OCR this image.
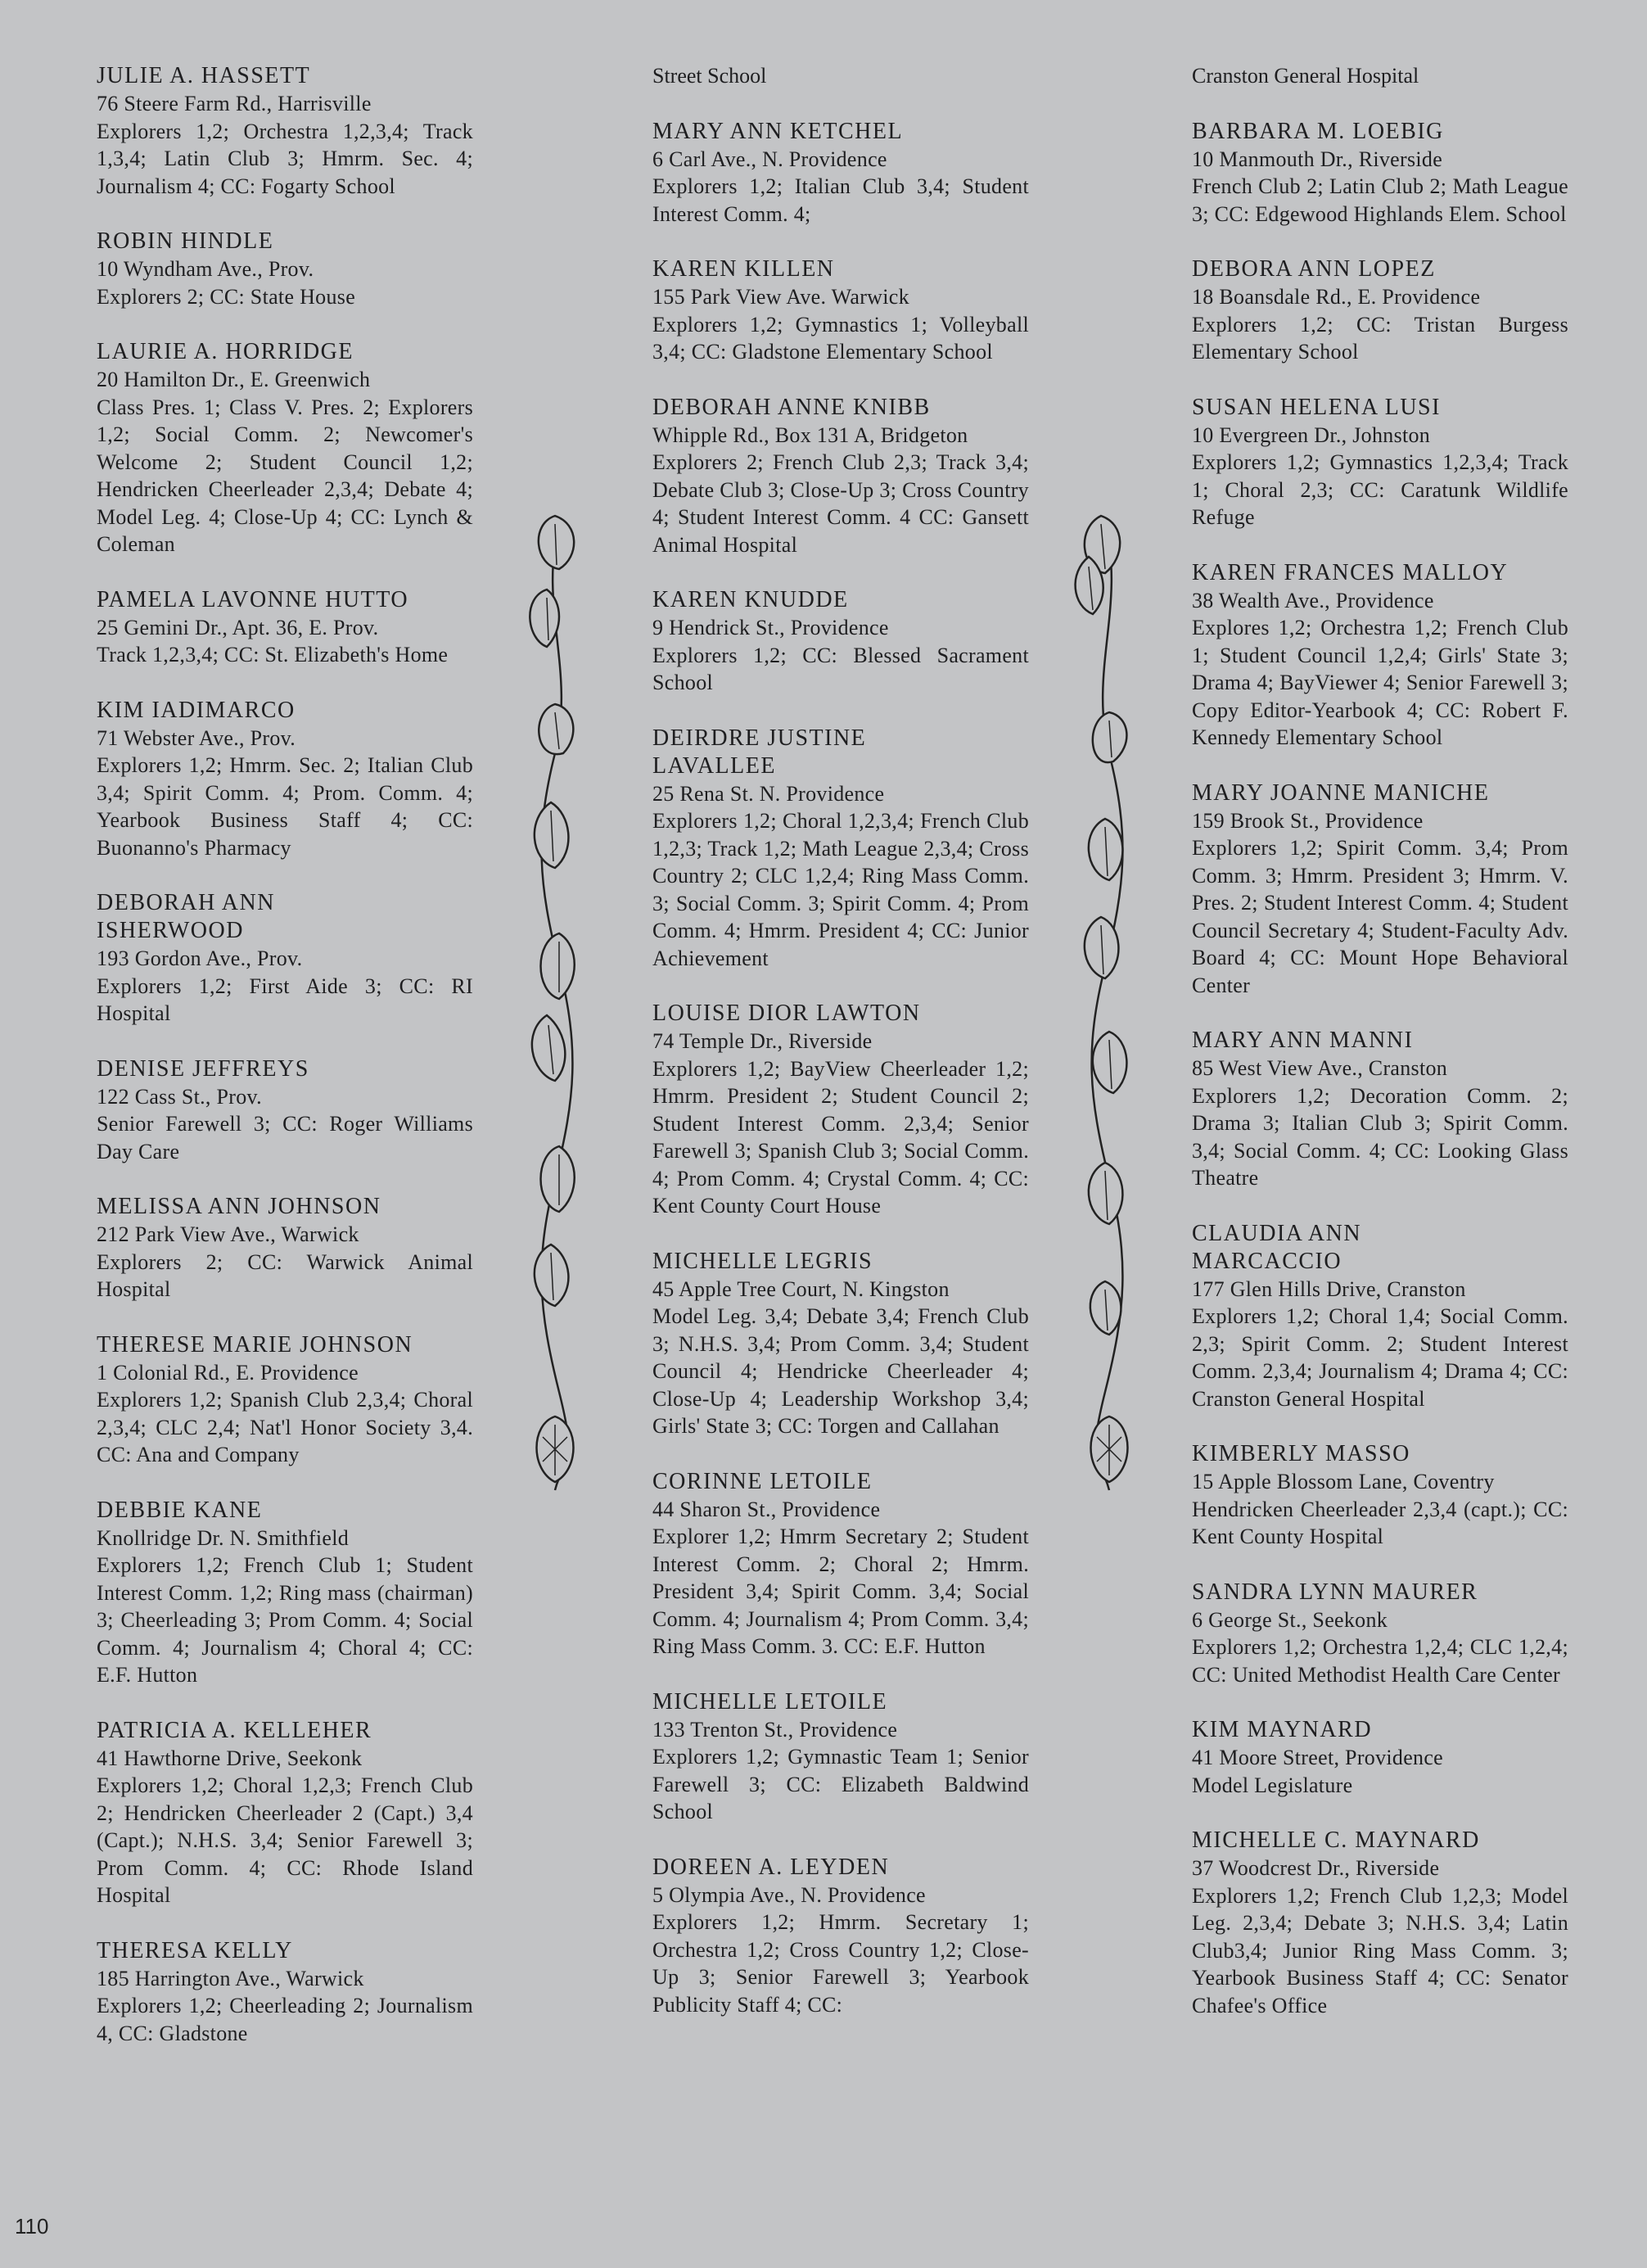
JULIE A. HASSETT
76 Steere Farm Rd., Harrisville
Explorers 1,2; Orchestra 1,2,3,4; Track 1,3,4; Latin Club 3; Hmrm. Sec. 4; Journalism 4; CC: Fogarty School
ROBIN HINDLE
10 Wyndham Ave., Prov.
Explorers 2; CC: State House
LAURIE A. HORRIDGE
20 Hamilton Dr., E. Greenwich
Class Pres. 1; Class V. Pres. 2; Explorers 1,2; Social Comm. 2; Newcomer's Welcome 2; Student Council 1,2; Hendricken Cheerleader 2,3,4; Debate 4; Model Leg. 4; Close-Up 4; CC: Lynch & Coleman
PAMELA LAVONNE HUTTO
25 Gemini Dr., Apt. 36, E. Prov.
Track 1,2,3,4; CC: St. Elizabeth's Home
KIM IADIMARCO
71 Webster Ave., Prov.
Explorers 1,2; Hmrm. Sec. 2; Italian Club 3,4; Spirit Comm. 4; Prom. Comm. 4; Yearbook Business Staff 4; CC: Buonanno's Pharmacy
DEBORAH ANN
ISHERWOOD
193 Gordon Ave., Prov.
Explorers 1,2; First Aide 3; CC: RI Hospital
DENISE JEFFREYS
122 Cass St., Prov.
Senior Farewell 3; CC: Roger Williams Day Care
MELISSA ANN JOHNSON
212 Park View Ave., Warwick
Explorers 2; CC: Warwick Animal Hospital
THERESE MARIE JOHNSON
1 Colonial Rd., E. Providence
Explorers 1,2; Spanish Club 2,3,4; Choral 2,3,4; CLC 2,4; Nat'l Honor Society 3,4. CC: Ana and Company
DEBBIE KANE
Knollridge Dr. N. Smithfield
Explorers 1,2; French Club 1; Student Interest Comm. 1,2; Ring mass (chairman) 3; Cheerleading 3; Prom Comm. 4; Social Comm. 4; Journalism 4; Choral 4; CC: E.F. Hutton
PATRICIA A. KELLEHER
41 Hawthorne Drive, Seekonk
Explorers 1,2; Choral 1,2,3; French Club 2; Hendricken Cheerleader 2 (Capt.) 3,4 (Capt.); N.H.S. 3,4; Senior Farewell 3; Prom Comm. 4; CC: Rhode Island Hospital
THERESA KELLY
185 Harrington Ave., Warwick
Explorers 1,2; Cheerleading 2; Journalism 4, CC: Gladstone
Street School
MARY ANN KETCHEL
6 Carl Ave., N. Providence
Explorers 1,2; Italian Club 3,4; Student Interest Comm. 4;
KAREN KILLEN
155 Park View Ave. Warwick
Explorers 1,2; Gymnastics 1; Volleyball 3,4; CC: Gladstone Elementary School
DEBORAH ANNE KNIBB
Whipple Rd., Box 131 A, Bridgeton
Explorers 2; French Club 2,3; Track 3,4; Debate Club 3; Close-Up 3; Cross Country 4; Student Interest Comm. 4 CC: Gansett Animal Hospital
KAREN KNUDDE
9 Hendrick St., Providence
Explorers 1,2; CC: Blessed Sacrament School
DEIRDRE JUSTINE
LAVALLEE
25 Rena St. N. Providence
Explorers 1,2; Choral 1,2,3,4; French Club 1,2,3; Track 1,2; Math League 2,3,4; Cross Country 2; CLC 1,2,4; Ring Mass Comm. 3; Social Comm. 3; Spirit Comm. 4; Prom Comm. 4; Hmrm. President 4; CC: Junior Achievement
LOUISE DIOR LAWTON
74 Temple Dr., Riverside
Explorers 1,2; BayView Cheerleader 1,2; Hmrm. President 2; Student Council 2; Student Interest Comm. 2,3,4; Senior Farewell 3; Spanish Club 3; Social Comm. 4; Prom Comm. 4; Crystal Comm. 4; CC: Kent County Court House
MICHELLE LEGRIS
45 Apple Tree Court, N. Kingston
Model Leg. 3,4; Debate 3,4; French Club 3; N.H.S. 3,4; Prom Comm. 3,4; Student Council 4; Hendricke Cheerleader 4; Close-Up 4; Leadership Workshop 3,4; Girls' State 3; CC: Torgen and Callahan
CORINNE LETOILE
44 Sharon St., Providence
Explorer 1,2; Hmrm Secretary 2; Student Interest Comm. 2; Choral 2; Hmrm. President 3,4; Spirit Comm. 3,4; Social Comm. 4; Journalism 4; Prom Comm. 3,4; Ring Mass Comm. 3. CC: E.F. Hutton
MICHELLE LETOILE
133 Trenton St., Providence
Explorers 1,2; Gymnastic Team 1; Senior Farewell 3; CC: Elizabeth Baldwind School
DOREEN A. LEYDEN
5 Olympia Ave., N. Providence
Explorers 1,2; Hmrm. Secretary 1; Orchestra 1,2; Cross Country 1,2; Close-Up 3; Senior Farewell 3; Yearbook Publicity Staff 4; CC:
Cranston General Hospital
BARBARA M. LOEBIG
10 Manmouth Dr., Riverside
French Club 2; Latin Club 2; Math League 3; CC: Edgewood Highlands Elem. School
DEBORA ANN LOPEZ
18 Boansdale Rd., E. Providence
Explorers 1,2; CC: Tristan Burgess Elementary School
SUSAN HELENA LUSI
10 Evergreen Dr., Johnston
Explorers 1,2; Gymnastics 1,2,3,4; Track 1; Choral 2,3; CC: Caratunk Wildlife Refuge
KAREN FRANCES MALLOY
38 Wealth Ave., Providence
Explores 1,2; Orchestra 1,2; French Club 1; Student Council 1,2,4; Girls' State 3; Drama 4; BayViewer 4; Senior Farewell 3; Copy Editor-Yearbook 4; CC: Robert F. Kennedy Elementary School
MARY JOANNE MANICHE
159 Brook St., Providence
Explorers 1,2; Spirit Comm. 3,4; Prom Comm. 3; Hmrm. President 3; Hmrm. V. Pres. 2; Student Interest Comm. 4; Student Council Secretary 4; Student-Faculty Adv. Board 4; CC: Mount Hope Behavioral Center
MARY ANN MANNI
85 West View Ave., Cranston
Explorers 1,2; Decoration Comm. 2; Drama 3; Italian Club 3; Spirit Comm. 3,4; Social Comm. 4; CC: Looking Glass Theatre
CLAUDIA ANN
MARCACCIO
177 Glen Hills Drive, Cranston
Explorers 1,2; Choral 1,4; Social Comm. 2,3; Spirit Comm. 2; Student Interest Comm. 2,3,4; Journalism 4; Drama 4; CC: Cranston General Hospital
KIMBERLY MASSO
15 Apple Blossom Lane, Coventry
Hendricken Cheerleader 2,3,4 (capt.); CC: Kent County Hospital
SANDRA LYNN MAURER
6 George St., Seekonk
Explorers 1,2; Orchestra 1,2,4; CLC 1,2,4; CC: United Methodist Health Care Center
KIM MAYNARD
41 Moore Street, Providence
Model Legislature
MICHELLE C. MAYNARD
37 Woodcrest Dr., Riverside
Explorers 1,2; French Club 1,2,3; Model Leg. 2,3,4; Debate 3; N.H.S. 3,4; Latin Club3,4; Junior Ring Mass Comm. 3; Yearbook Business Staff 4; CC: Senator Chafee's Office
110
